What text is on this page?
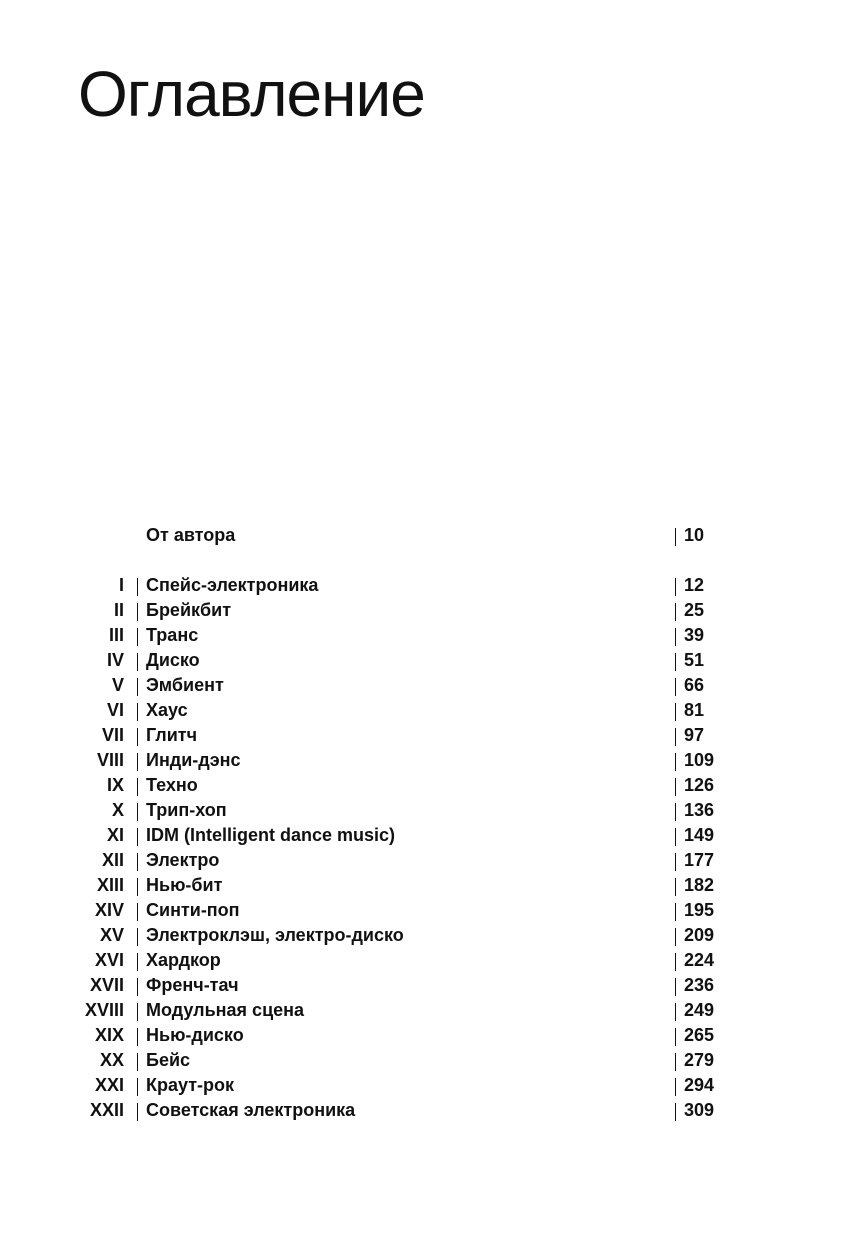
Оглавление
От автора	10
I Спейс-электроника	12
II Брейкбит	25
III Транс	39
IV Диско	51
V Эмбиент	66
VI Хаус	81
VII Глитч	97
VIII Инди-дэнс	109
IX Техно	126
X Трип-хоп	136
XI IDM (Intelligent dance music)	149
XII Электро	177
XIII Нью-бит	182
XIV Синти-поп	195
XV Электроклэш, электро-диско	209
XVI Хардкор	224
XVII Френч-тач	236
XVIII Модульная сцена	249
XIX Нью-диско	265
XX Бейс	279
XXI Краут-рок	294
XXII Советская электроника	309
